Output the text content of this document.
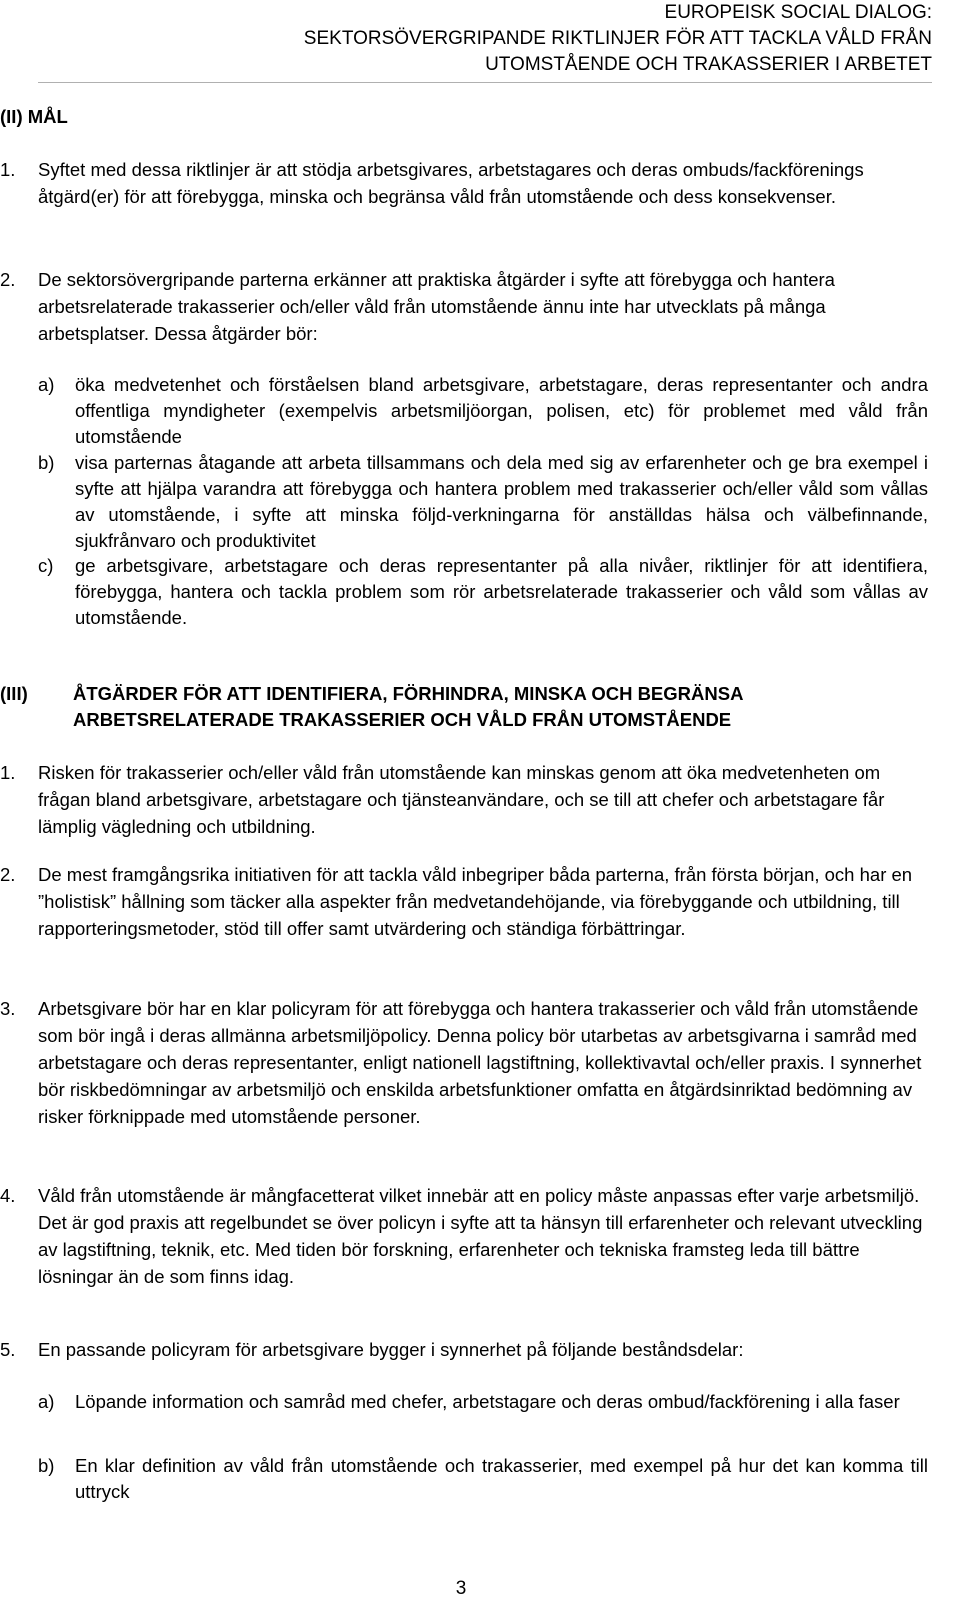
EUROPEISK SOCIAL DIALOG:
SEKTORSÖVERGRIPANDE RIKTLINJER FÖR ATT TACKLA VÅLD FRÅN
UTOMSTÅENDE OCH TRAKASSERIER I ARBETET
(II) MÅL
1. Syftet med dessa riktlinjer är att stödja arbetsgivares, arbetstagares och deras ombuds/fackförenings åtgärd(er) för att förebygga, minska och begränsa våld från utomstående och dess konsekvenser.
2. De sektorsövergripande parterna erkänner att praktiska åtgärder i syfte att förebygga och hantera arbetsrelaterade trakasserier och/eller våld från utomstående ännu inte har utvecklats på många arbetsplatser. Dessa åtgärder bör:
a) öka medvetenhet och förståelsen bland arbetsgivare, arbetstagare, deras representanter och andra offentliga myndigheter (exempelvis arbetsmiljöorgan, polisen, etc) för problemet med våld från utomstående
b) visa parternas åtagande att arbeta tillsammans och dela med sig av erfarenheter och ge bra exempel i syfte att hjälpa varandra att förebygga och hantera problem med trakasserier och/eller våld som vållas av utomstående, i syfte att minska följd-verkningarna för anställdas hälsa och välbefinnande, sjukfrånvaro och produktivitet
c) ge arbetsgivare, arbetstagare och deras representanter på alla nivåer, riktlinjer för att identifiera, förebygga, hantera och tackla problem som rör arbetsrelaterade trakasserier och våld som vållas av utomstående.
(III) ÅTGÄRDER FÖR ATT IDENTIFIERA, FÖRHINDRA, MINSKA OCH BEGRÄNSA ARBETSRELATERADE TRAKASSERIER OCH VÅLD FRÅN UTOMSTÅENDE
1. Risken för trakasserier och/eller våld från utomstående kan minskas genom att öka medvetenheten om frågan bland arbetsgivare, arbetstagare och tjänsteanvändare, och se till att chefer och arbetstagare får lämplig vägledning och utbildning.
2. De mest framgångsrika initiativen för att tackla våld inbegriper båda parterna, från första början, och har en ”holistisk” hållning som täcker alla aspekter från medvetandehöjande, via förebyggande och utbildning, till rapporteringsmetoder, stöd till offer samt utvärdering och ständiga förbättringar.
3. Arbetsgivare bör har en klar policyram för att förebygga och hantera trakasserier och våld från utomstående som bör ingå i deras allmänna arbetsmiljöpolicy. Denna policy bör utarbetas av arbetsgivarna i samråd med arbetstagare och deras representanter, enligt nationell lagstiftning, kollektivavtal och/eller praxis. I synnerhet bör riskbedömningar av arbetsmiljö och enskilda arbetsfunktioner omfatta en åtgärdsinriktad bedömning av risker förknippade med utomstående personer.
4. Våld från utomstående är mångfacetterat vilket innebär att en policy måste anpassas efter varje arbetsmiljö. Det är god praxis att regelbundet se över policyn i syfte att ta hänsyn till erfarenheter och relevant utveckling av lagstiftning, teknik, etc. Med tiden bör forskning, erfarenheter och tekniska framsteg leda till bättre lösningar än de som finns idag.
5. En passande policyram för arbetsgivare bygger i synnerhet på följande beståndsdelar:
a) Löpande information och samråd med chefer, arbetstagare och deras ombud/fackförening i alla faser
b) En klar definition av våld från utomstående och trakasserier, med exempel på hur det kan komma till uttryck
3
